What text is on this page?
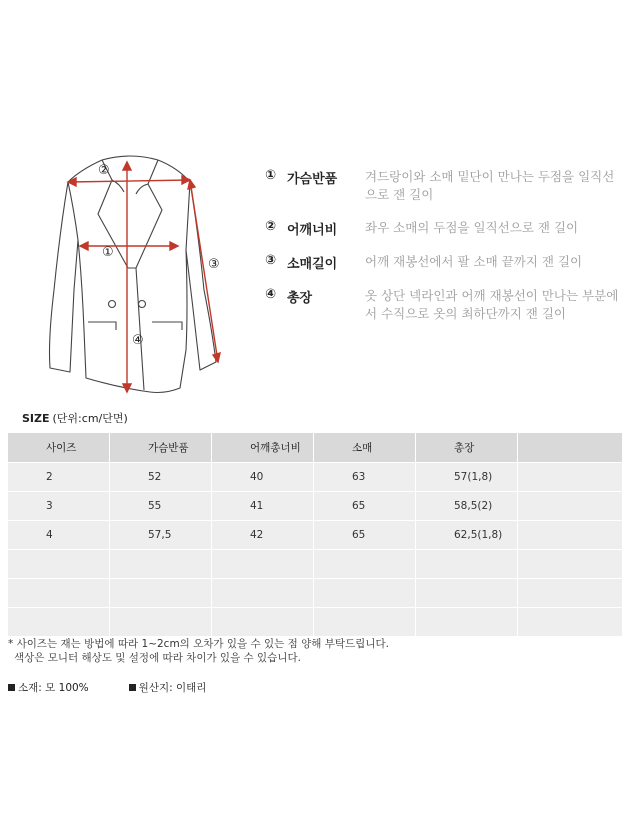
①
②
③
④
① 가슴반품	겨드랑이와 소매 밑단이 만나는 두점을 일직선으로 잰 길이
② 어깨너비	좌우 소매의 두점을 일직선으로 잰 길이
③ 소매길이	어깨 재봉선에서 팔 소매 끝까지 잰 길이
④ 총장	옷 상단 넥라인과 어깨 재봉선이 만나는 부분에서 수직으로 옷의 최하단까지 잰 길이
SIZE (단위:cm/단면)
사이즈	가슴반품	어깨총너비	소매	총장	
2	52	40	63	57(1,8)	
3	55	41	65	58,5(2)	
4	57,5	42	65	62,5(1,8)	

* 사이즈는 재는 방법에 따라 1~2cm의 오차가 있을 수 있는 점 양해 부탁드립니다.
색상은 모니터 해상도 및 설정에 따라 차이가 있을 수 있습니다.
소재: 모 100%	원산지: 이태리
